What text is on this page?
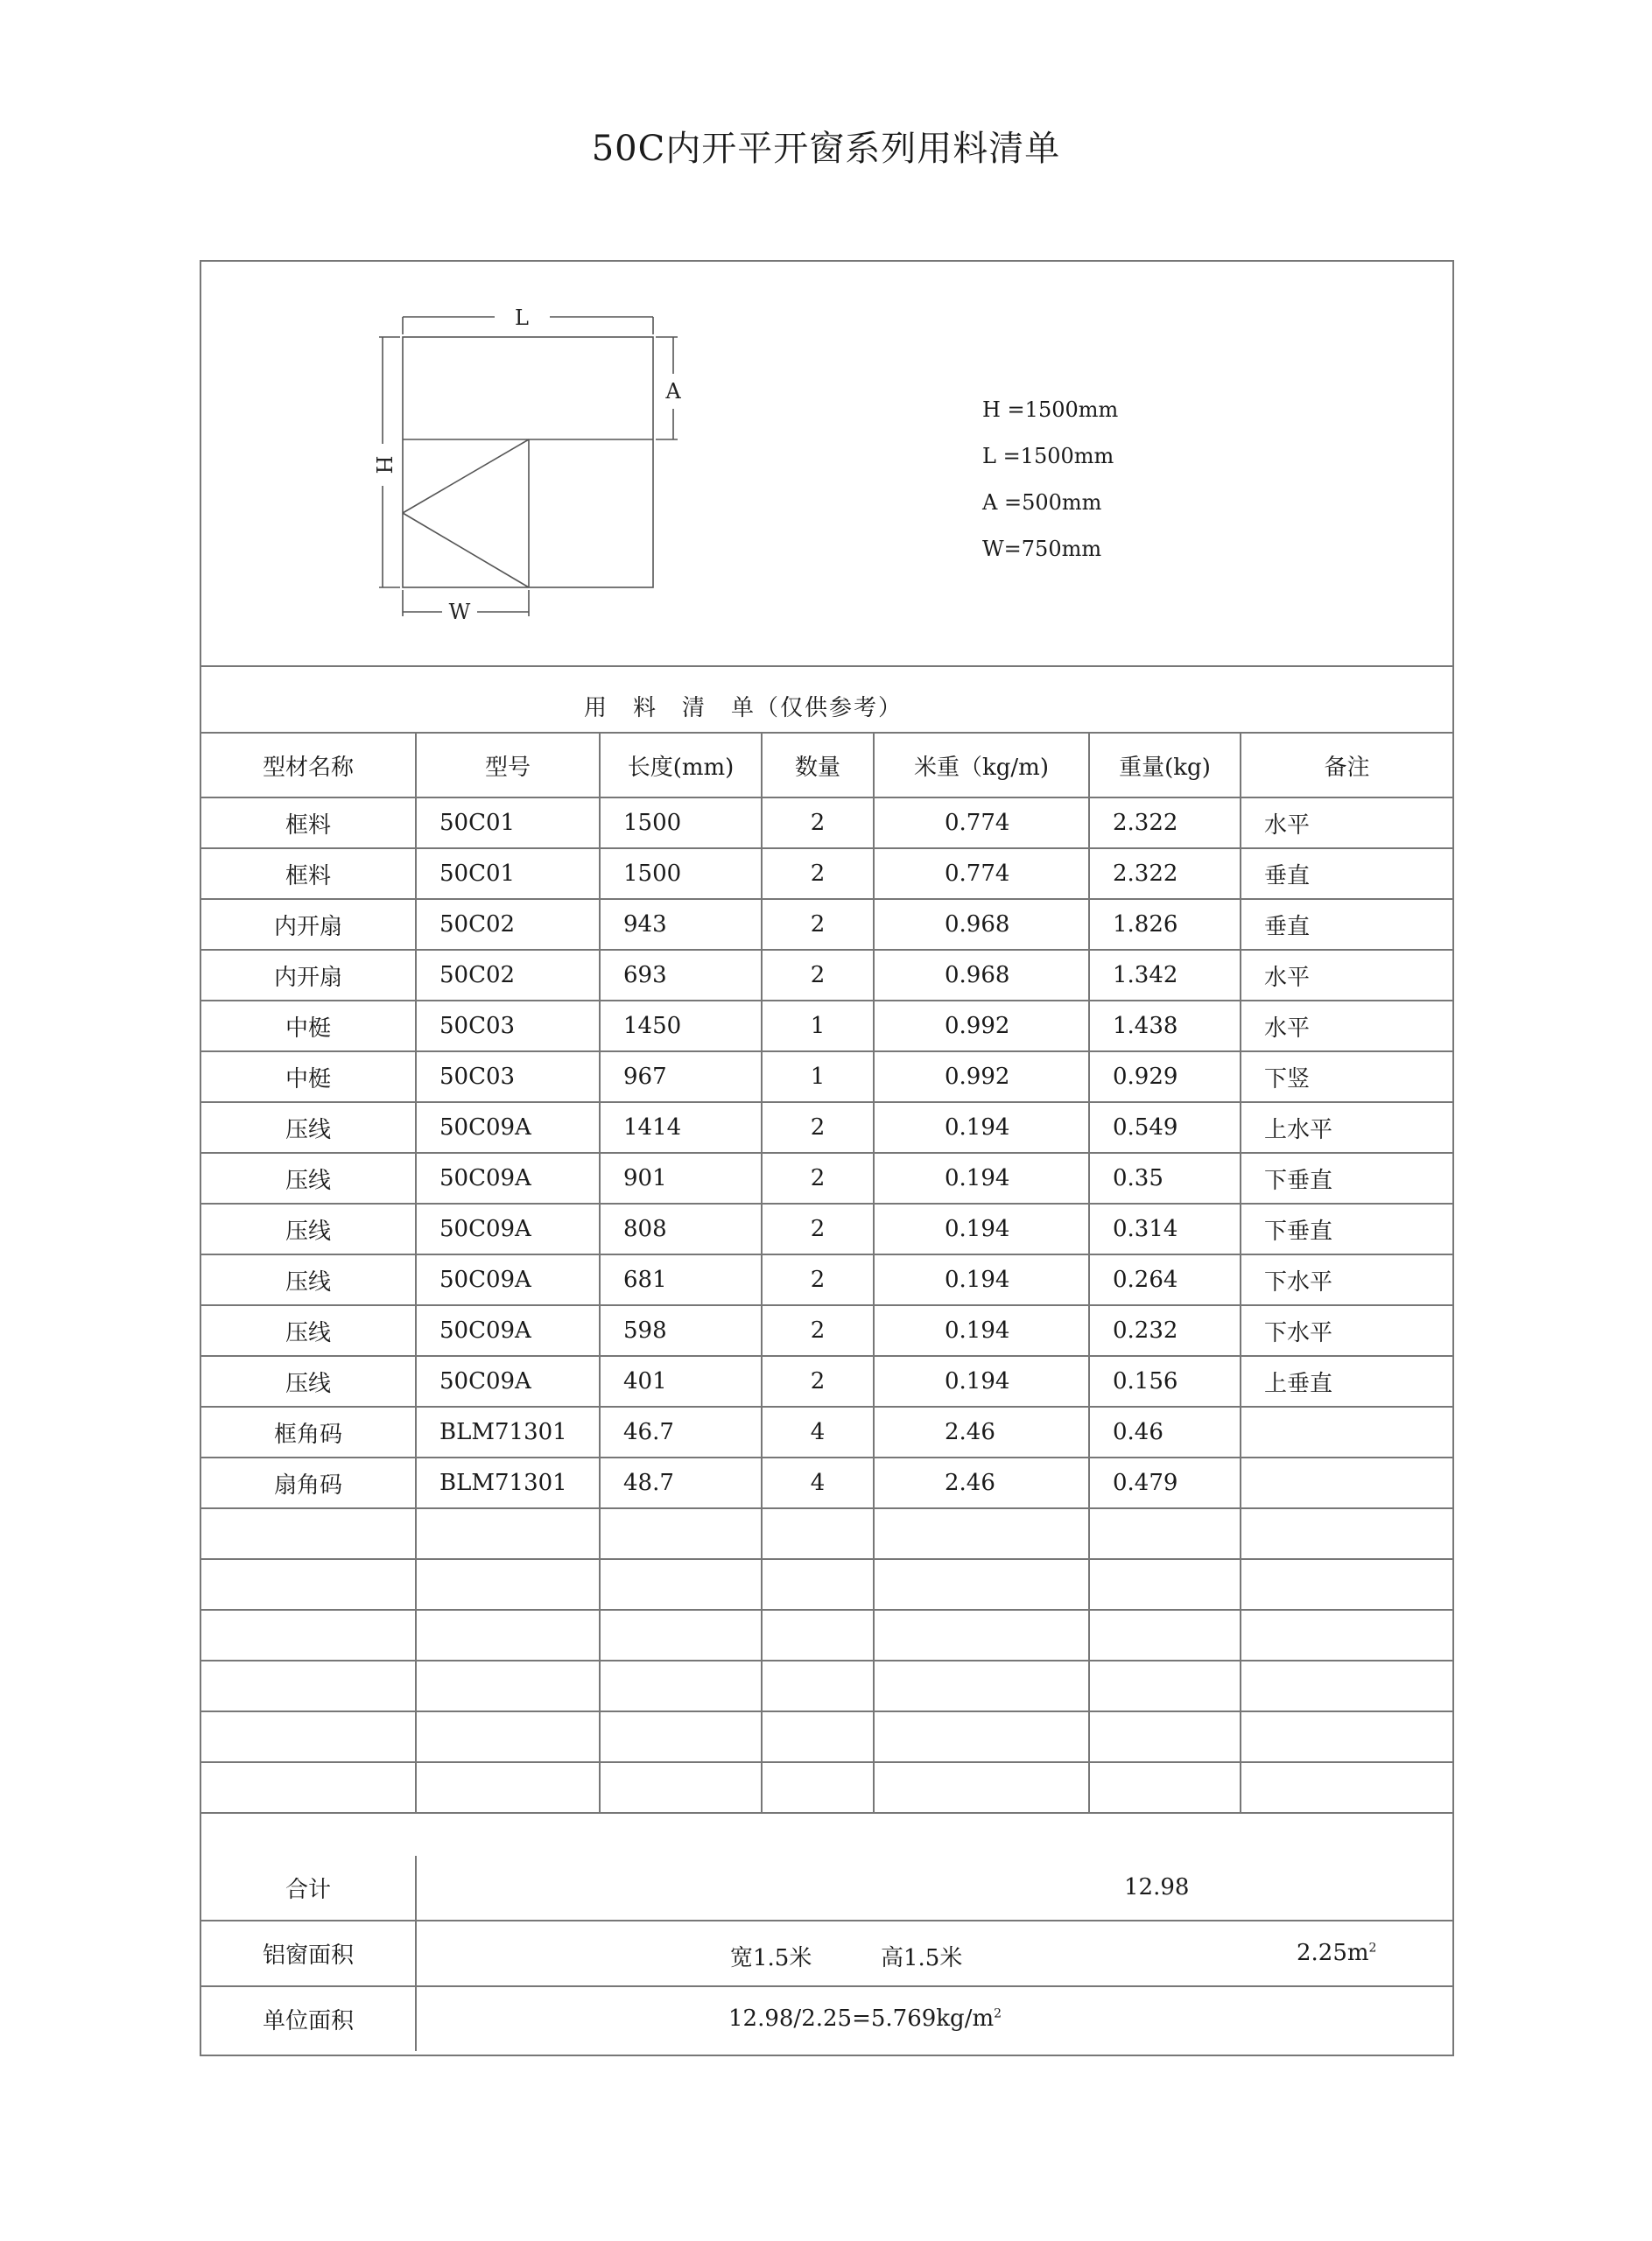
50C内开平开窗系列用料清单
L
H
A
W
H =1500mm
L =1500mm
A =500mm
W=750mm
用　料　清　单（仅供参考）
型材名称	型号	长度(mm)	数量	米重（kg/m)	重量(kg)	备注
框料	50C01	1500	2	0.774	2.322	水平
框料	50C01	1500	2	0.774	2.322	垂直
内开扇	50C02	943	2	0.968	1.826	垂直
内开扇	50C02	693	2	0.968	1.342	水平
中梃	50C03	1450	1	0.992	1.438	水平
中梃	50C03	967	1	0.992	0.929	下竖
压线	50C09A	1414	2	0.194	0.549	上水平
压线	50C09A	901	2	0.194	0.35	下垂直
压线	50C09A	808	2	0.194	0.314	下垂直
压线	50C09A	681	2	0.194	0.264	下水平
压线	50C09A	598	2	0.194	0.232	下水平
压线	50C09A	401	2	0.194	0.156	上垂直
框角码	BLM71301	46.7	4	2.46	0.46	
扇角码	BLM71301	48.7	4	2.46	0.479	

合计	12.98

铝窗面积	宽1.5米 高1.5米 $2.25m^2$

单位面积	$12.98/2.25=5.769kg/m^2$
